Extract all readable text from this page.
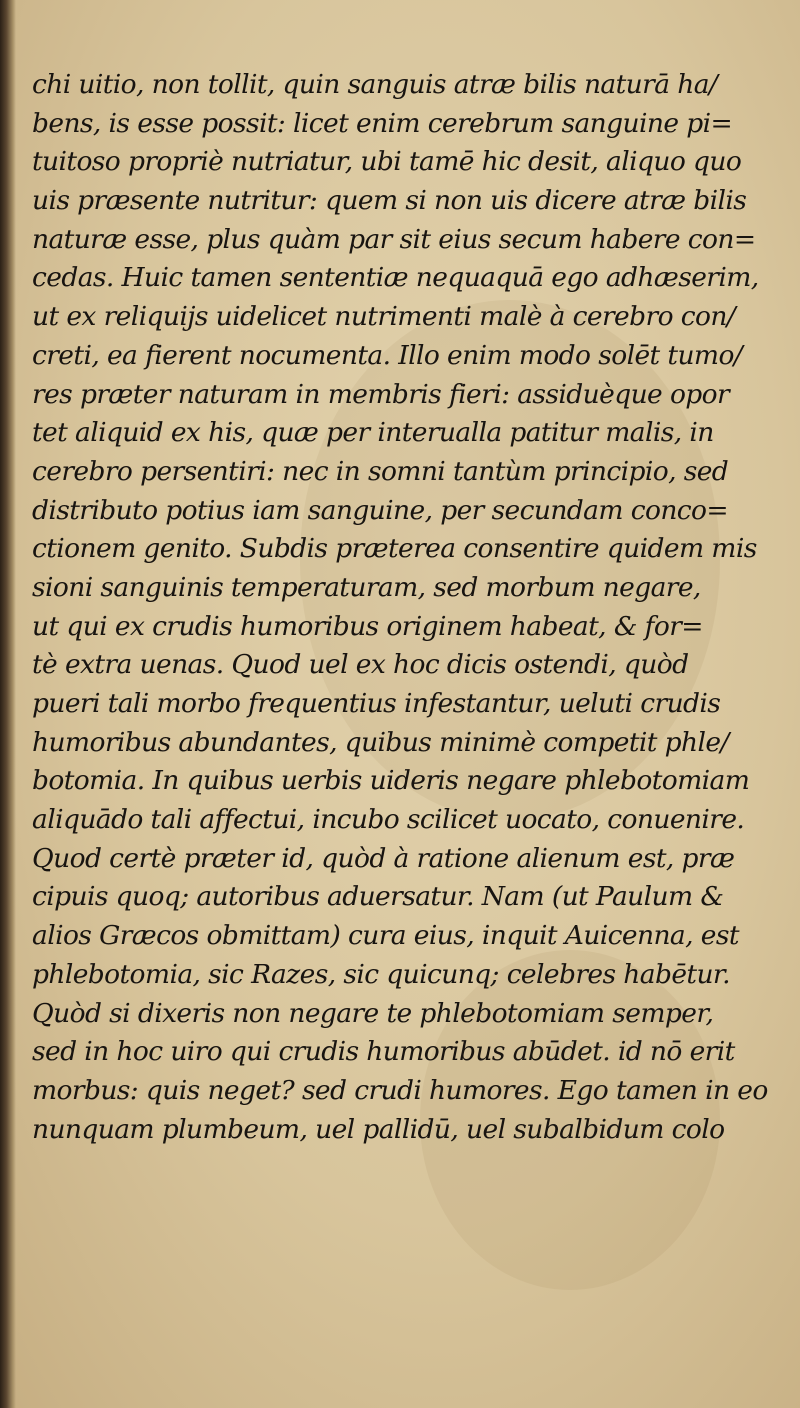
chi uitio, non tollit, quin sanguis atræ bilis naturā ha/
bens, is esse possit: licet enim cerebrum sanguine pi=
tuitoso propriè nutriatur, ubi tamē hic desit, aliquo quo
uis præsente nutritur: quem si non uis dicere atræ bilis
naturæ esse, plus quàm par sit eius secum habere con=
cedas. Huic tamen sententiæ nequaquā ego adhæserim,
ut ex reliquijs uidelicet nutrimenti malè à cerebro con/
creti, ea fierent nocumenta. Illo enim modo solēt tumo/
res præter naturam in membris fieri: assiduèque opor
tet aliquid ex his, quæ per interualla patitur malis, in
cerebro persentiri: nec in somni tantùm principio, sed
distributo potius iam sanguine, per secundam conco=
ctionem genito. Subdis præterea consentire quidem mis
sioni sanguinis temperaturam, sed morbum negare,
ut qui ex crudis humoribus originem habeat, & for=
tè extra uenas. Quod uel ex hoc dicis ostendi, quòd
pueri tali morbo frequentius infestantur, ueluti crudis
humoribus abundantes, quibus minimè competit phle/
botomia. In quibus uerbis uideris negare phlebotomiam
aliquādo tali affectui, incubo scilicet uocato, conuenire.
Quod certè præter id, quòd à ratione alienum est, præ
cipuis quoq; autoribus aduersatur. Nam (ut Paulum &
alios Græcos obmittam) cura eius, inquit Auicenna, est
phlebotomia, sic Razes, sic quicunq; celebres habētur.
Quòd si dixeris non negare te phlebotomiam semper,
sed in hoc uiro qui crudis humoribus abūdet. id nō erit
morbus: quis neget? sed crudi humores. Ego tamen in eo
nunquam plumbeum, uel pallidū, uel subalbidum colo
